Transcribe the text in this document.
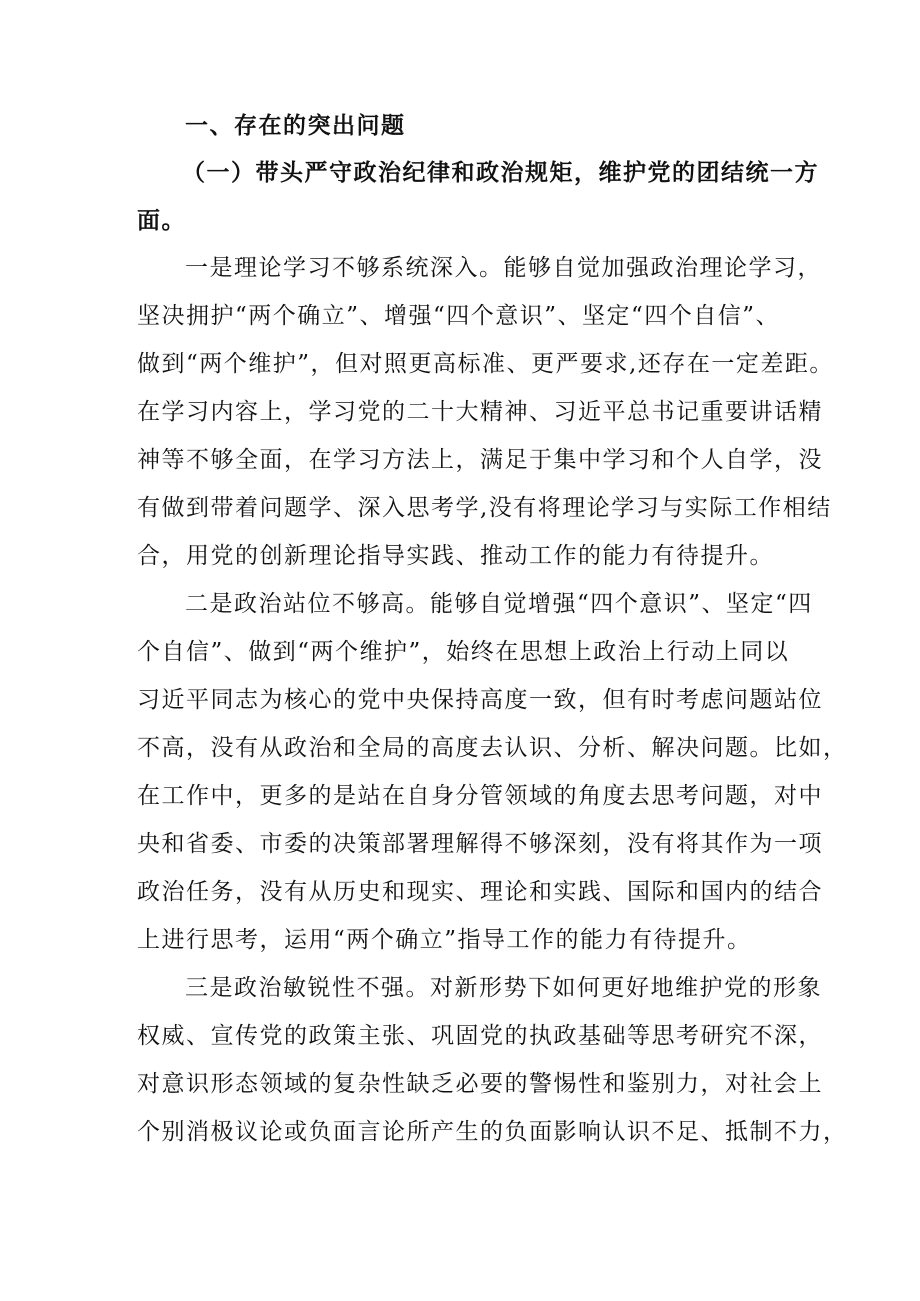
一、存在的突出问题

（一）带头严守政治纪律和政治规矩，维护党的团结统一方
面。

一是理论学习不够系统深入。能够自觉加强政治理论学习，
坚决拥护“两个确立”、增强“四个意识”、坚定“四个自信”、
做到“两个维护”，但对照更高标准、更严要求,还存在一定差距。
在学习内容上，学习党的二十大精神、习近平总书记重要讲话精
神等不够全面，在学习方法上，满足于集中学习和个人自学，没
有做到带着问题学、深入思考学,没有将理论学习与实际工作相结
合，用党的创新理论指导实践、推动工作的能力有待提升。

二是政治站位不够高。能够自觉增强“四个意识”、坚定“四
个自信”、做到“两个维护”，始终在思想上政治上行动上同以
习近平同志为核心的党中央保持高度一致，但有时考虑问题站位
不高，没有从政治和全局的高度去认识、分析、解决问题。比如，
在工作中，更多的是站在自身分管领域的角度去思考问题，对中
央和省委、市委的决策部署理解得不够深刻，没有将其作为一项
政治任务，没有从历史和现实、理论和实践、国际和国内的结合
上进行思考，运用“两个确立”指导工作的能力有待提升。

三是政治敏锐性不强。对新形势下如何更好地维护党的形象
权威、宣传党的政策主张、巩固党的执政基础等思考研究不深，
对意识形态领域的复杂性缺乏必要的警惕性和鉴别力，对社会上
个别消极议论或负面言论所产生的负面影响认识不足、抵制不力，
